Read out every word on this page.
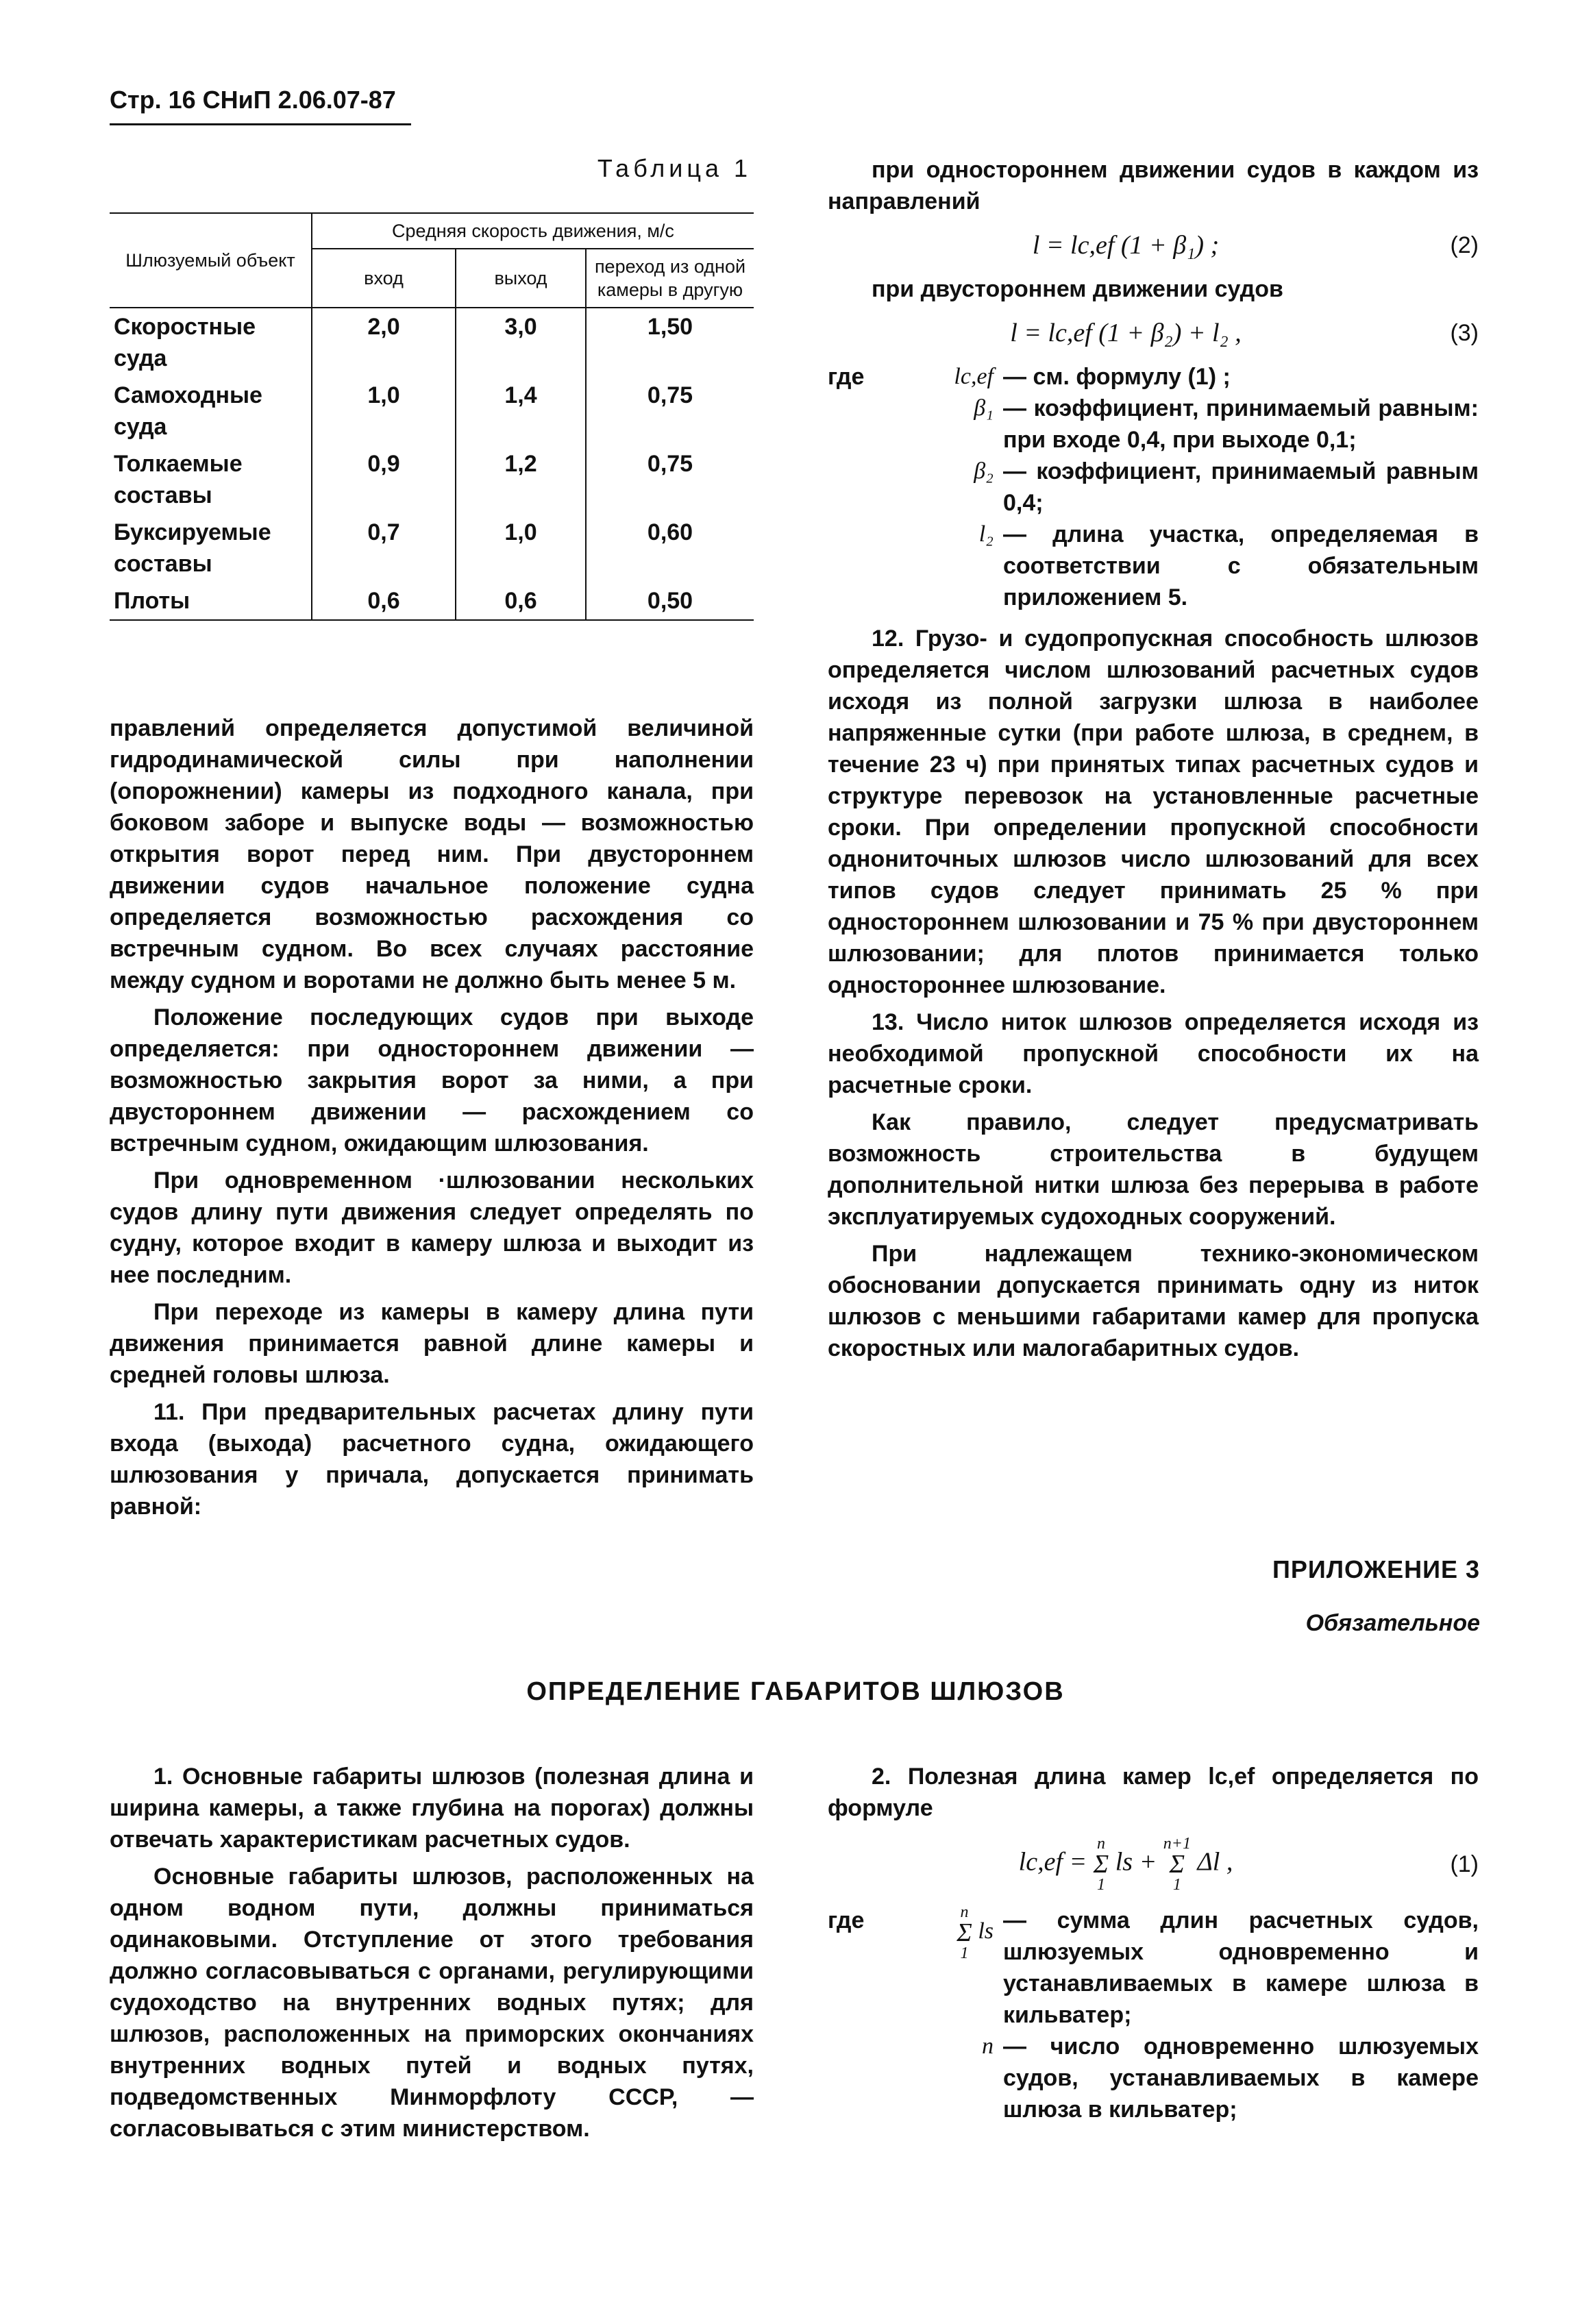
Стр. 16 СНиП 2.06.07-87
Таблица 1
Шлюзуемый объект	Средняя скорость движения, м/с		
	вход	выход	переход из одной камеры в другую
Скоростные суда	2,0	3,0	1,50
Самоходные суда	1,0	1,4	0,75
Толкаемые составы	0,9	1,2	0,75
Буксируемые составы	0,7	1,0	0,60
Плоты	0,6	0,6	0,50

правлений определяется допустимой величиной гидродинамической силы при наполнении (опорожнении) камеры из подходного канала, при боковом заборе и выпуске воды — возможностью открытия ворот перед ним. При двустороннем движении судов начальное положение судна определяется возможностью расхождения со встречным судном. Во всех случаях расстояние между судном и воротами не должно быть менее 5 м.

Положение последующих судов при выходе определяется: при одностороннем движении — возможностью закрытия ворот за ними, а при двустороннем движении — расхождением со встречным судном, ожидающим шлюзования.

При одновременном ·шлюзовании нескольких судов длину пути движения следует определять по судну, которое входит в камеру шлюза и выходит из нее последним.

При переходе из камеры в камеру длина пути движения принимается равной длине камеры и средней головы шлюза.

11. При предварительных расчетах длину пути входа (выхода) расчетного судна, ожидающего шлюзования у причала, допускается принимать равной:

при одностороннем движении судов в каждом из направлений

l = lc,ef (1 + β₁) ;	(2)

при двустороннем движении судов

l = lc,ef (1 + β₂) + l₂ ,	(3)
где	lc,ef — см. формулу (1) ;
β₁ — коэффициент, принимаемый равным: при входе 0,4, при выходе 0,1;
β₂ — коэффициент, принимаемый равным 0,4;
l₂ — длина участка, определяемая в соответствии с обязательным приложением 5.

12. Грузо- и судопропускная способность шлюзов определяется числом шлюзований расчетных судов исходя из полной загрузки шлюза в наиболее напряженные сутки (при работе шлюза, в среднем, в течение 23 ч) при принятых типах расчетных судов и структуре перевозок на установленные расчетные сроки. При определении пропускной способности однониточных шлюзов число шлюзований для всех типов судов следует принимать 25 % при одностороннем шлюзовании и 75 % при двустороннем шлюзовании; для плотов принимается только одностороннее шлюзование.

13. Число ниток шлюзов определяется исходя из необходимой пропускной способности их на расчетные сроки.

Как правило, следует предусматривать возможность строительства в будущем дополнительной нитки шлюза без перерыва в работе эксплуатируемых судоходных сооружений.

При надлежащем технико-экономическом обосновании допускается принимать одну из ниток шлюзов с меньшими габаритами камер для пропуска скоростных или малогабаритных судов.

ПРИЛОЖЕНИЕ 3
Обязательное
ОПРЕДЕЛЕНИЕ ГАБАРИТОВ ШЛЮЗОВ

1. Основные габариты шлюзов (полезная длина и ширина камеры, а также глубина на порогах) должны отвечать характеристикам расчетных судов.

Основные габариты шлюзов, расположенных на одном водном пути, должны приниматься одинаковыми. Отступление от этого требования должно согласовываться с органами, регулирующими судоходство на внутренних водных путях; для шлюзов, расположенных на приморских окончаниях внутренних водных путей и водных путях, подведомственных Минморфлоту СССР, — согласовываться с этим министерством.

2. Полезная длина камер lc,ef определяется по формуле

lc,ef =
n
Σ
1
ls +
n+1
Σ
1
Δl ,	(1)
где	n
Σ
1
ls — сумма длин расчетных судов, шлюзуемых одновременно и устанавливаемых в камере шлюза в кильватер;
n — число одновременно шлюзуемых судов, устанавливаемых в камере шлюза в кильватер;
